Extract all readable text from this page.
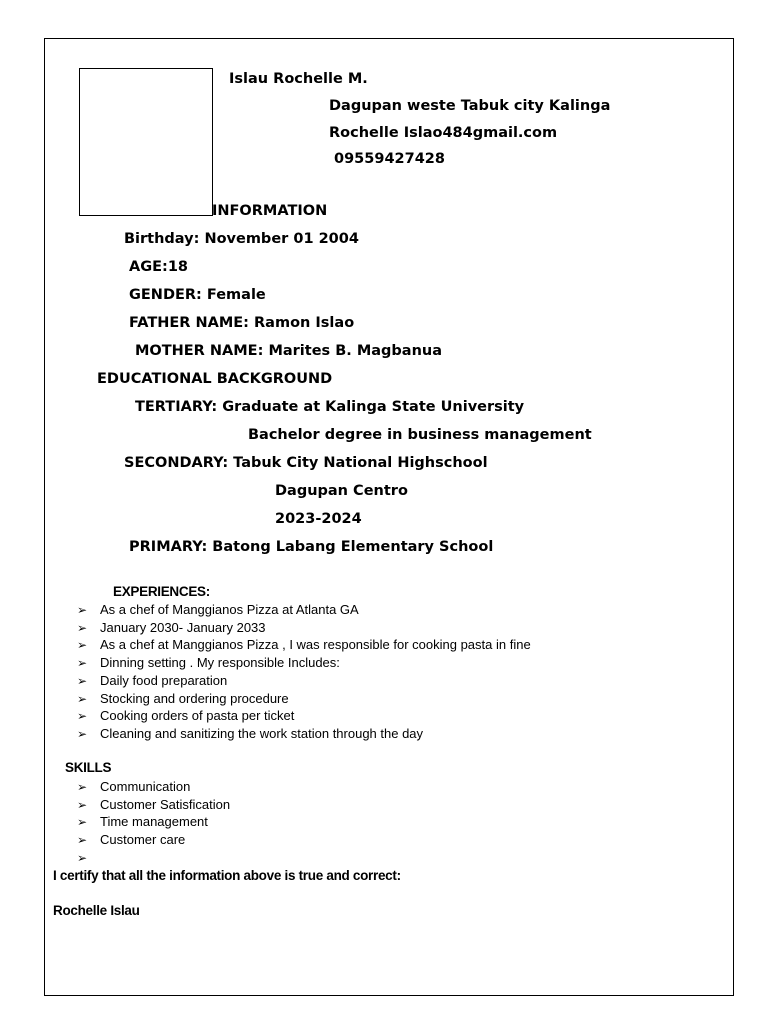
Islau Rochelle M.
Dagupan weste Tabuk city Kalinga
Rochelle Islao484gmail.com
09559427428
INFORMATION
Birthday: November 01 2004
AGE:18
GENDER: Female
FATHER NAME: Ramon Islao
MOTHER NAME: Marites B. Magbanua
EDUCATIONAL BACKGROUND
TERTIARY: Graduate at Kalinga State University
Bachelor degree in business management
SECONDARY: Tabuk City National Highschool
Dagupan Centro
2023-2024
PRIMARY: Batong Labang Elementary School
EXPERIENCES:
➢ As a chef of Manggianos Pizza at Atlanta GA
➢ January 2030- January 2033
➢ As a chef at Manggianos Pizza , I was responsible for cooking pasta in fine
➢ Dinning setting . My responsible Includes:
➢ Daily food preparation
➢ Stocking and ordering procedure
➢ Cooking orders of pasta per ticket
➢ Cleaning and sanitizing the work station through the day
SKILLS
➢ Communication
➢ Customer Satisfication
➢ Time management
➢ Customer care
➢
I certify that all the information above is true and correct:
Rochelle Islau
